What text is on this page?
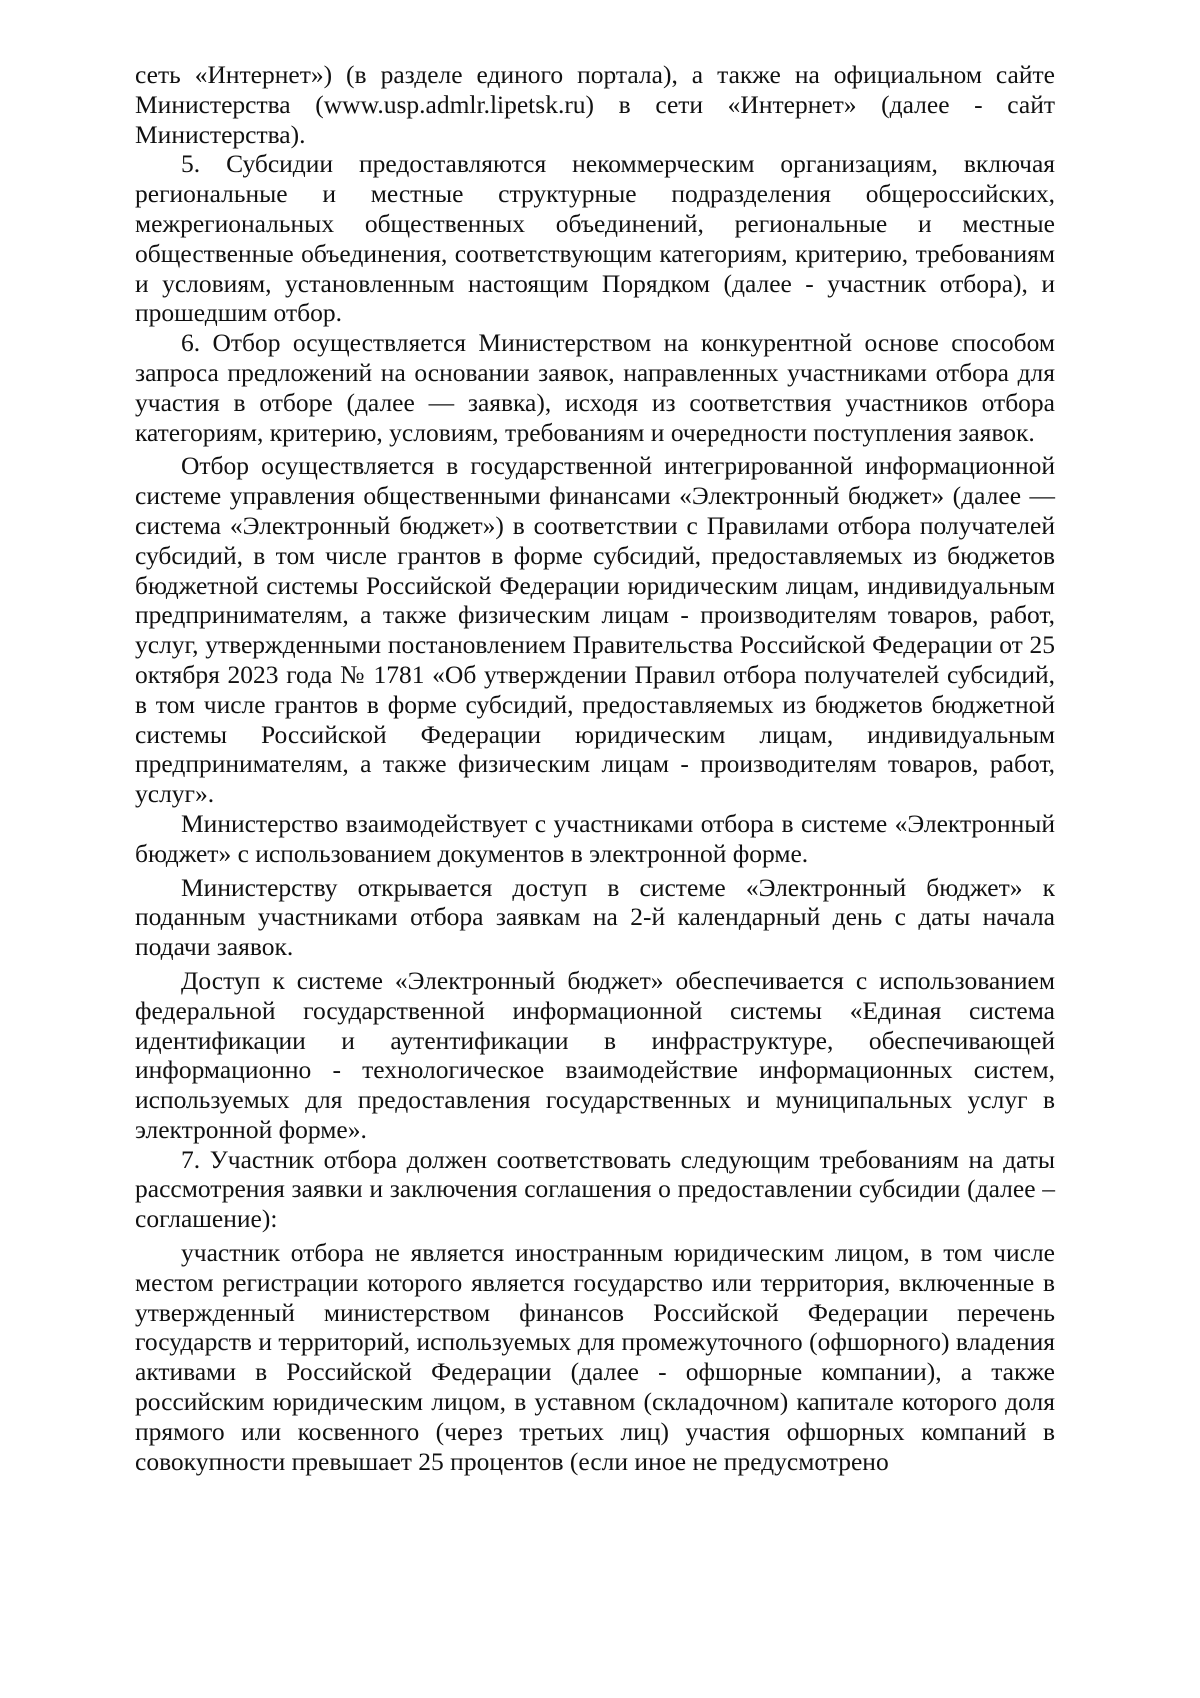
сеть «Интернет») (в разделе единого портала), а также на официальном сайте Министерства (www.usp.admlr.lipetsk.ru) в сети «Интернет» (далее - сайт Министерства).

5. Субсидии предоставляются некоммерческим организациям, включая региональные и местные структурные подразделения общероссийских, межрегиональных общественных объединений, региональные и местные общественные объединения, соответствующим категориям, критерию, требованиям и условиям, установленным настоящим Порядком (далее - участник отбора), и прошедшим отбор.

6. Отбор осуществляется Министерством на конкурентной основе способом запроса предложений на основании заявок, направленных участниками отбора для участия в отборе (далее — заявка), исходя из соответствия участников отбора категориям, критерию, условиям, требованиям и очередности поступления заявок.

Отбор осуществляется в государственной интегрированной информационной системе управления общественными финансами «Электронный бюджет» (далее — система «Электронный бюджет») в соответствии с Правилами отбора получателей субсидий, в том числе грантов в форме субсидий, предоставляемых из бюджетов бюджетной системы Российской Федерации юридическим лицам, индивидуальным предпринимателям, а также физическим лицам - производителям товаров, работ, услуг, утвержденными постановлением Правительства Российской Федерации от 25 октября 2023 года № 1781 «Об утверждении Правил отбора получателей субсидий, в том числе грантов в форме субсидий, предоставляемых из бюджетов бюджетной системы Российской Федерации юридическим лицам, индивидуальным предпринимателям, а также физическим лицам - производителям товаров, работ, услуг».

Министерство взаимодействует с участниками отбора в системе «Электронный бюджет» с использованием документов в электронной форме.

Министерству открывается доступ в системе «Электронный бюджет» к поданным участниками отбора заявкам на 2-й календарный день с даты начала подачи заявок.

Доступ к системе «Электронный бюджет» обеспечивается с использованием федеральной государственной информационной системы «Единая система идентификации и аутентификации в инфраструктуре, обеспечивающей информационно - технологическое взаимодействие информационных систем, используемых для предоставления государственных и муниципальных услуг в электронной форме».

7. Участник отбора должен соответствовать следующим требованиям на даты рассмотрения заявки и заключения соглашения о предоставлении субсидии (далее – соглашение):

участник отбора не является иностранным юридическим лицом, в том числе местом регистрации которого является государство или территория, включенные в утвержденный министерством финансов Российской Федерации перечень государств и территорий, используемых для промежуточного (офшорного) владения активами в Российской Федерации (далее - офшорные компании), а также российским юридическим лицом, в уставном (складочном) капитале которого доля прямого или косвенного (через третьих лиц) участия офшорных компаний в совокупности превышает 25 процентов (если иное не предусмотрено
